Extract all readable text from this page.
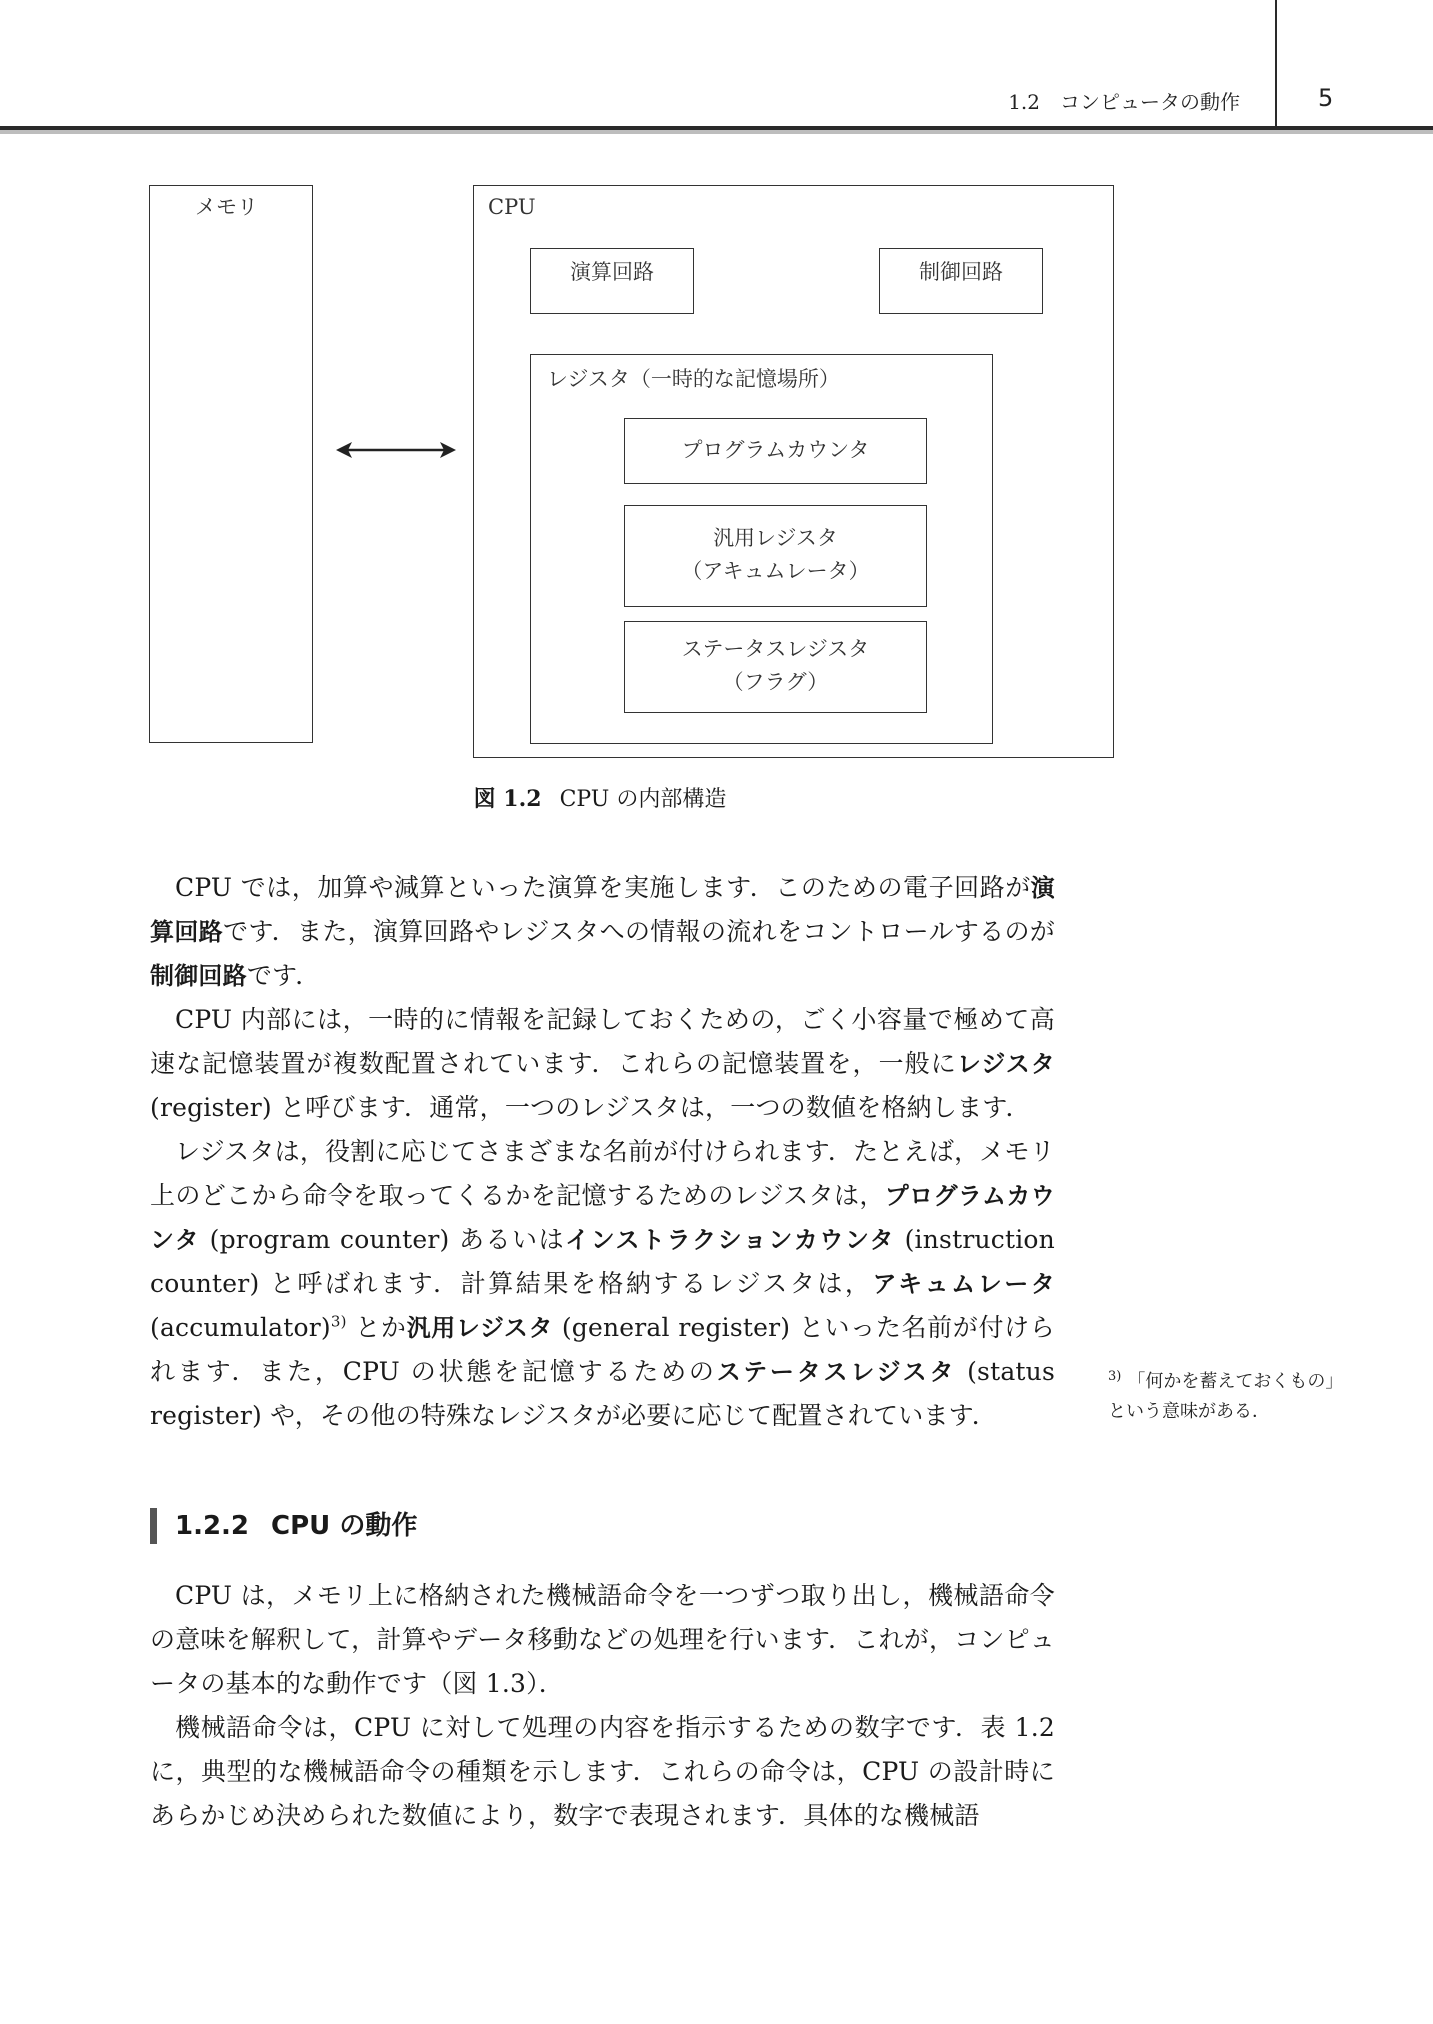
1.2　コンピュータの動作	5
メモリ	CPU
演算回路	制御回路
レジスタ（一時的な記憶場所）
プログラムカウンタ
汎用レジスタ
（アキュムレータ）
ステータスレジスタ
（フラグ）
図 1.2 CPU の内部構造

CPU では，加算や減算といった演算を実施します．このための電子回路が演算回路です．また，演算回路やレジスタへの情報の流れをコントロールするのが制御回路です．

CPU 内部には，一時的に情報を記録しておくための，ごく小容量で極めて高速な記憶装置が複数配置されています．これらの記憶装置を，一般にレジスタ (register) と呼びます．通常，一つのレジスタは，一つの数値を格納します．

レジスタは，役割に応じてさまざまな名前が付けられます．たとえば，メモリ上のどこから命令を取ってくるかを記憶するためのレジスタは，プログラムカウンタ (program counter) あるいはインストラクションカウンタ (instruction counter) と呼ばれます．計算結果を格納するレジスタは，アキュムレータ (accumulator)$^{3)}$ とか汎用レジスタ (general register) といった名前が付けられます．また，CPU の状態を記憶するためのステータスレジスタ (status register) や，その他の特殊なレジスタが必要に応じて配置されています．

$^{3)}$ 「何かを蓄えておくもの」という意味がある．
1.2.2 CPU の動作

CPU は，メモリ上に格納された機械語命令を一つずつ取り出し，機械語命令の意味を解釈して，計算やデータ移動などの処理を行います．これが，コンピュータの基本的な動作です（図 1.3）．

機械語命令は，CPU に対して処理の内容を指示するための数字です．表 1.2 に，典型的な機械語命令の種類を示します．これらの命令は，CPU の設計時にあらかじめ決められた数値により，数字で表現されます．具体的な機械語
